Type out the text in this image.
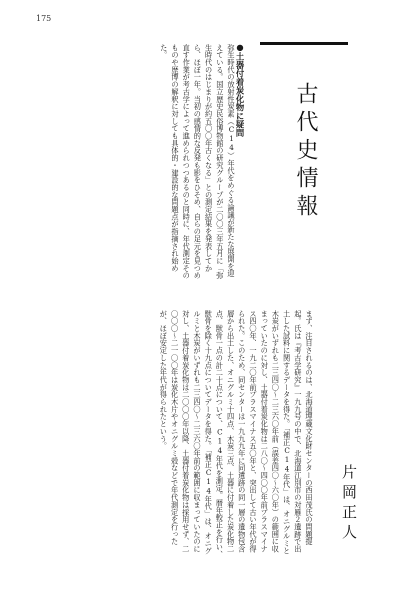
175
弥生時代の放射性炭素（C14）年代をめぐる論議が新たな展開を迎えている。国立歴史民俗博物館の研究グループが二〇〇三年五月に「弥生時代のはじまりが約五〇〇年古くなる」との測定結果を発表してから、ほぼ一年。当初の感情的な反発も影をひそめ、自らの足元を見つめ直す作業が考古学によって進められつつあるのと同時に、年代測定そのものや歴博の解釈に対しても具体的・建設的な問題点が指摘され始めた。	●土器付着炭化物に疑問 古代史情報
まず、注目されるのは、北海道埋蔵文化財センターの西田茂氏の問題提起。氏は『考古学研究』一九九号の中で、北海道江別市の対雁２遺跡で出土した試料に関するデータを得た。「補正C14年代」は、オニグルミと木炭がいずれも二三四〇〜二三六〇年前（誤差四〇〜六〇年）の範囲に収まっていたのに対し、土器付着炭化物は二八〇〜四〇〇年前プラスマイナス四〇年、一九二〇年前プラスマイナス五〇年と、突出して古い年代が得られた。このため、同センターは一九九九年に同遺跡の同一層の遺物包含層から出土した、オニグルミ十四点、木炭三点、土器に付着した炭化物二点、獣骨一点の計二十点について、C14年代を測定。暦年較正を行い、獣骨を除く十九点についてデータを得た。「補正C14年代」は、オニグルミと木炭がいずれも二三四〇〜二三六〇年前の範囲に収まっていたのに対し、土器付着炭化物は二〇〇〇年以降、土器付着炭化物は採用せず、二〇〇〇〜二一〇〇年は炭化木片やオニグルミ殻などで年代測定を行ったが、ほぼ安定した年代が得られたという。
片岡正人
